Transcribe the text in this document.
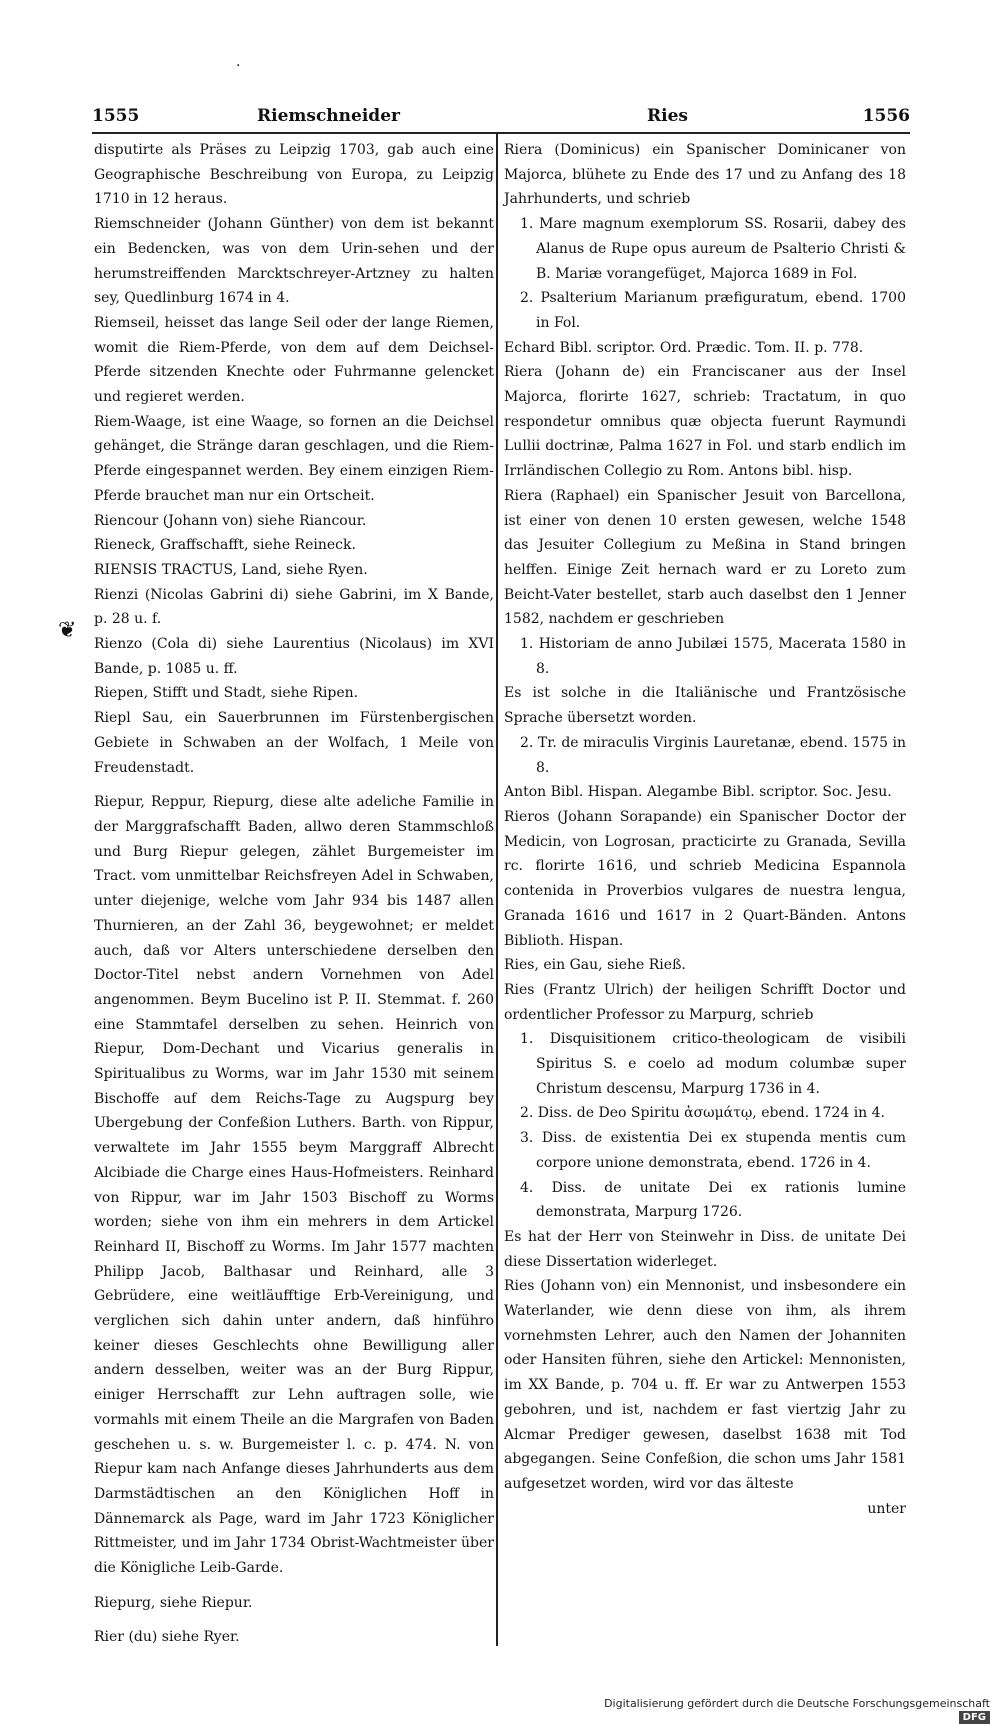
·
1555	Riemschneider	Ries	1556
❦

disputirte als Präses zu Leipzig 1703, gab auch eine Geographische Beschreibung von Europa, zu Leipzig 1710 in 12 heraus.

Riemschneider (Johann Günther) von dem ist bekannt ein Bedencken, was von dem Urin-sehen und der herumstreiffenden Marcktschreyer-Artzney zu halten sey, Quedlinburg 1674 in 4.

Riemseil, heisset das lange Seil oder der lange Riemen, womit die Riem-Pferde, von dem auf dem Deichsel-Pferde sitzenden Knechte oder Fuhrmanne gelencket und regieret werden.

Riem-Waage, ist eine Waage, so fornen an die Deichsel gehänget, die Stränge daran geschlagen, und die Riem-Pferde eingespannet werden. Bey einem einzigen Riem-Pferde brauchet man nur ein Ortscheit.

Riencour (Johann von) siehe Riancour.

Rieneck, Graffschafft, siehe Reineck.

RIENSIS TRACTUS, Land, siehe Ryen.

Rienzi (Nicolas Gabrini di) siehe Gabrini, im X Bande, p. 28 u. f.

Rienzo (Cola di) siehe Laurentius (Nicolaus) im XVI Bande, p. 1085 u. ff.

Riepen, Stifft und Stadt, siehe Ripen.

Riepl Sau, ein Sauerbrunnen im Fürstenbergischen Gebiete in Schwaben an der Wolfach, 1 Meile von Freudenstadt.

Riepur, Reppur, Riepurg, diese alte adeliche Familie in der Marggrafschafft Baden, allwo deren Stammschloß und Burg Riepur gelegen, zählet Burgemeister im Tract. vom unmittelbar Reichsfreyen Adel in Schwaben, unter diejenige, welche vom Jahr 934 bis 1487 allen Thurnieren, an der Zahl 36, beygewohnet; er meldet auch, daß vor Alters unterschiedene derselben den Doctor-Titel nebst andern Vornehmen von Adel angenommen. Beym Bucelino ist P. II. Stemmat. f. 260 eine Stammtafel derselben zu sehen. Heinrich von Riepur, Dom-Dechant und Vicarius generalis in Spiritualibus zu Worms, war im Jahr 1530 mit seinem Bischoffe auf dem Reichs-Tage zu Augspurg bey Ubergebung der Confeßion Luthers. Barth. von Rippur, verwaltete im Jahr 1555 beym Marggraff Albrecht Alcibiade die Charge eines Haus-Hofmeisters. Reinhard von Rippur, war im Jahr 1503 Bischoff zu Worms worden; siehe von ihm ein mehrers in dem Artickel Reinhard II, Bischoff zu Worms. Im Jahr 1577 machten Philipp Jacob, Balthasar und Reinhard, alle 3 Gebrüdere, eine weitläufftige Erb-Vereinigung, und verglichen sich dahin unter andern, daß hinführo keiner dieses Geschlechts ohne Bewilligung aller andern desselben, weiter was an der Burg Rippur, einiger Herrschafft zur Lehn auftragen solle, wie vormahls mit einem Theile an die Margrafen von Baden geschehen u. s. w. Burgemeister l. c. p. 474. N. von Riepur kam nach Anfange dieses Jahrhunderts aus dem Darmstädtischen an den Königlichen Hoff in Dännemarck als Page, ward im Jahr 1723 Königlicher Rittmeister, und im Jahr 1734 Obrist-Wachtmeister über die Königliche Leib-Garde.

Riepurg, siehe Riepur.

Rier (du) siehe Ryer.

Riera (Dominicus) ein Spanischer Dominicaner von Majorca, blühete zu Ende des 17 und zu Anfang des 18 Jahrhunderts, und schrieb

1. Mare magnum exemplorum SS. Rosarii, dabey des Alanus de Rupe opus aureum de Psalterio Christi & B. Mariæ vorangefüget, Majorca 1689 in Fol.

2. Psalterium Marianum præfiguratum, ebend. 1700 in Fol.

Echard Bibl. scriptor. Ord. Prædic. Tom. II. p. 778.

Riera (Johann de) ein Franciscaner aus der Insel Majorca, florirte 1627, schrieb: Tractatum, in quo respondetur omnibus quæ objecta fuerunt Raymundi Lullii doctrinæ, Palma 1627 in Fol. und starb endlich im Irrländischen Collegio zu Rom. Antons bibl. hisp.

Riera (Raphael) ein Spanischer Jesuit von Barcellona, ist einer von denen 10 ersten gewesen, welche 1548 das Jesuiter Collegium zu Meßina in Stand bringen helffen. Einige Zeit hernach ward er zu Loreto zum Beicht-Vater bestellet, starb auch daselbst den 1 Jenner 1582, nachdem er geschrieben

1. Historiam de anno Jubilæi 1575, Macerata 1580 in 8.

Es ist solche in die Italiänische und Frantzösische Sprache übersetzt worden.

2. Tr. de miraculis Virginis Lauretanæ, ebend. 1575 in 8.

Anton Bibl. Hispan. Alegambe Bibl. scriptor. Soc. Jesu.

Rieros (Johann Sorapande) ein Spanischer Doctor der Medicin, von Logrosan, practicirte zu Granada, Sevilla rc. florirte 1616, und schrieb Medicina Espannola contenida in Proverbios vulgares de nuestra lengua, Granada 1616 und 1617 in 2 Quart-Bänden. Antons Biblioth. Hispan.

Ries, ein Gau, siehe Rieß.

Ries (Frantz Ulrich) der heiligen Schrifft Doctor und ordentlicher Professor zu Marpurg, schrieb

1. Disquisitionem critico-theologicam de visibili Spiritus S. e coelo ad modum columbæ super Christum descensu, Marpurg 1736 in 4.

2. Diss. de Deo Spiritu ἀσωμάτῳ, ebend. 1724 in 4.

3. Diss. de existentia Dei ex stupenda mentis cum corpore unione demonstrata, ebend. 1726 in 4.

4. Diss. de unitate Dei ex rationis lumine demonstrata, Marpurg 1726.

Es hat der Herr von Steinwehr in Diss. de unitate Dei diese Dissertation widerleget.

Ries (Johann von) ein Mennonist, und insbesondere ein Waterlander, wie denn diese von ihm, als ihrem vornehmsten Lehrer, auch den Namen der Johanniten oder Hansiten führen, siehe den Artickel: Mennonisten, im XX Bande, p. 704 u. ff. Er war zu Antwerpen 1553 gebohren, und ist, nachdem er fast viertzig Jahr zu Alcmar Prediger gewesen, daselbst 1638 mit Tod abgegangen. Seine Confeßion, die schon ums Jahr 1581 aufgesetzet worden, wird vor das älteste

unter

Digitalisierung gefördert durch die Deutsche ForschungsgemeinschaftDFG
